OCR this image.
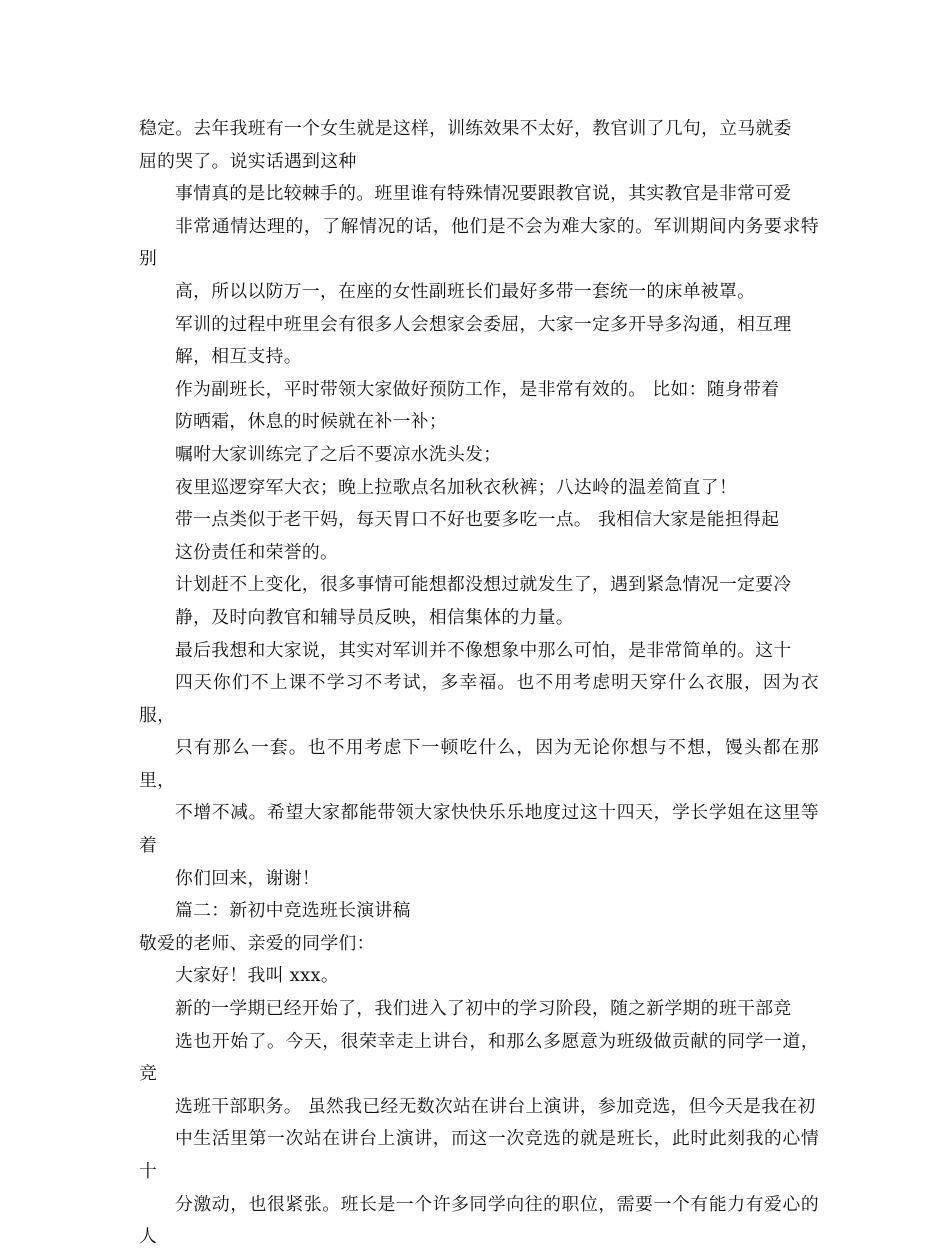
稳定。去年我班有一个女生就是这样，训练效果不太好，教官训了几句，立马就委
屈的哭了。说实话遇到这种
事情真的是比较棘手的。班里谁有特殊情况要跟教官说，其实教官是非常可爱
非常通情达理的，了解情况的话，他们是不会为难大家的。军训期间内务要求特别
高，所以以防万一，在座的女性副班长们最好多带一套统一的床单被罩。
军训的过程中班里会有很多人会想家会委屈，大家一定多开导多沟通，相互理
解，相互支持。
作为副班长，平时带领大家做好预防工作，是非常有效的。 比如：随身带着
防晒霜，休息的时候就在补一补；
嘱咐大家训练完了之后不要凉水洗头发；
夜里巡逻穿军大衣；晚上拉歌点名加秋衣秋裤；八达岭的温差简直了！
带一点类似于老干妈，每天胃口不好也要多吃一点。 我相信大家是能担得起
这份责任和荣誉的。
计划赶不上变化，很多事情可能想都没想过就发生了，遇到紧急情况一定要冷
静，及时向教官和辅导员反映，相信集体的力量。
最后我想和大家说，其实对军训并不像想象中那么可怕，是非常简单的。这十
四天你们不上课不学习不考试，多幸福。也不用考虑明天穿什么衣服，因为衣服，
只有那么一套。也不用考虑下一顿吃什么，因为无论你想与不想，馒头都在那里，
不增不减。希望大家都能带领大家快快乐乐地度过这十四天，学长学姐在这里等着
你们回来，谢谢！
篇二：新初中竞选班长演讲稿
敬爱的老师、亲爱的同学们：
大家好！我叫 xxx。
新的一学期已经开始了，我们进入了初中的学习阶段，随之新学期的班干部竞
选也开始了。今天，很荣幸走上讲台，和那么多愿意为班级做贡献的同学一道，竞
选班干部职务。 虽然我已经无数次站在讲台上演讲，参加竞选，但今天是我在初
中生活里第一次站在讲台上演讲，而这一次竞选的就是班长，此时此刻我的心情十
分激动，也很紧张。班长是一个许多同学向往的职位，需要一个有能力有爱心的人
